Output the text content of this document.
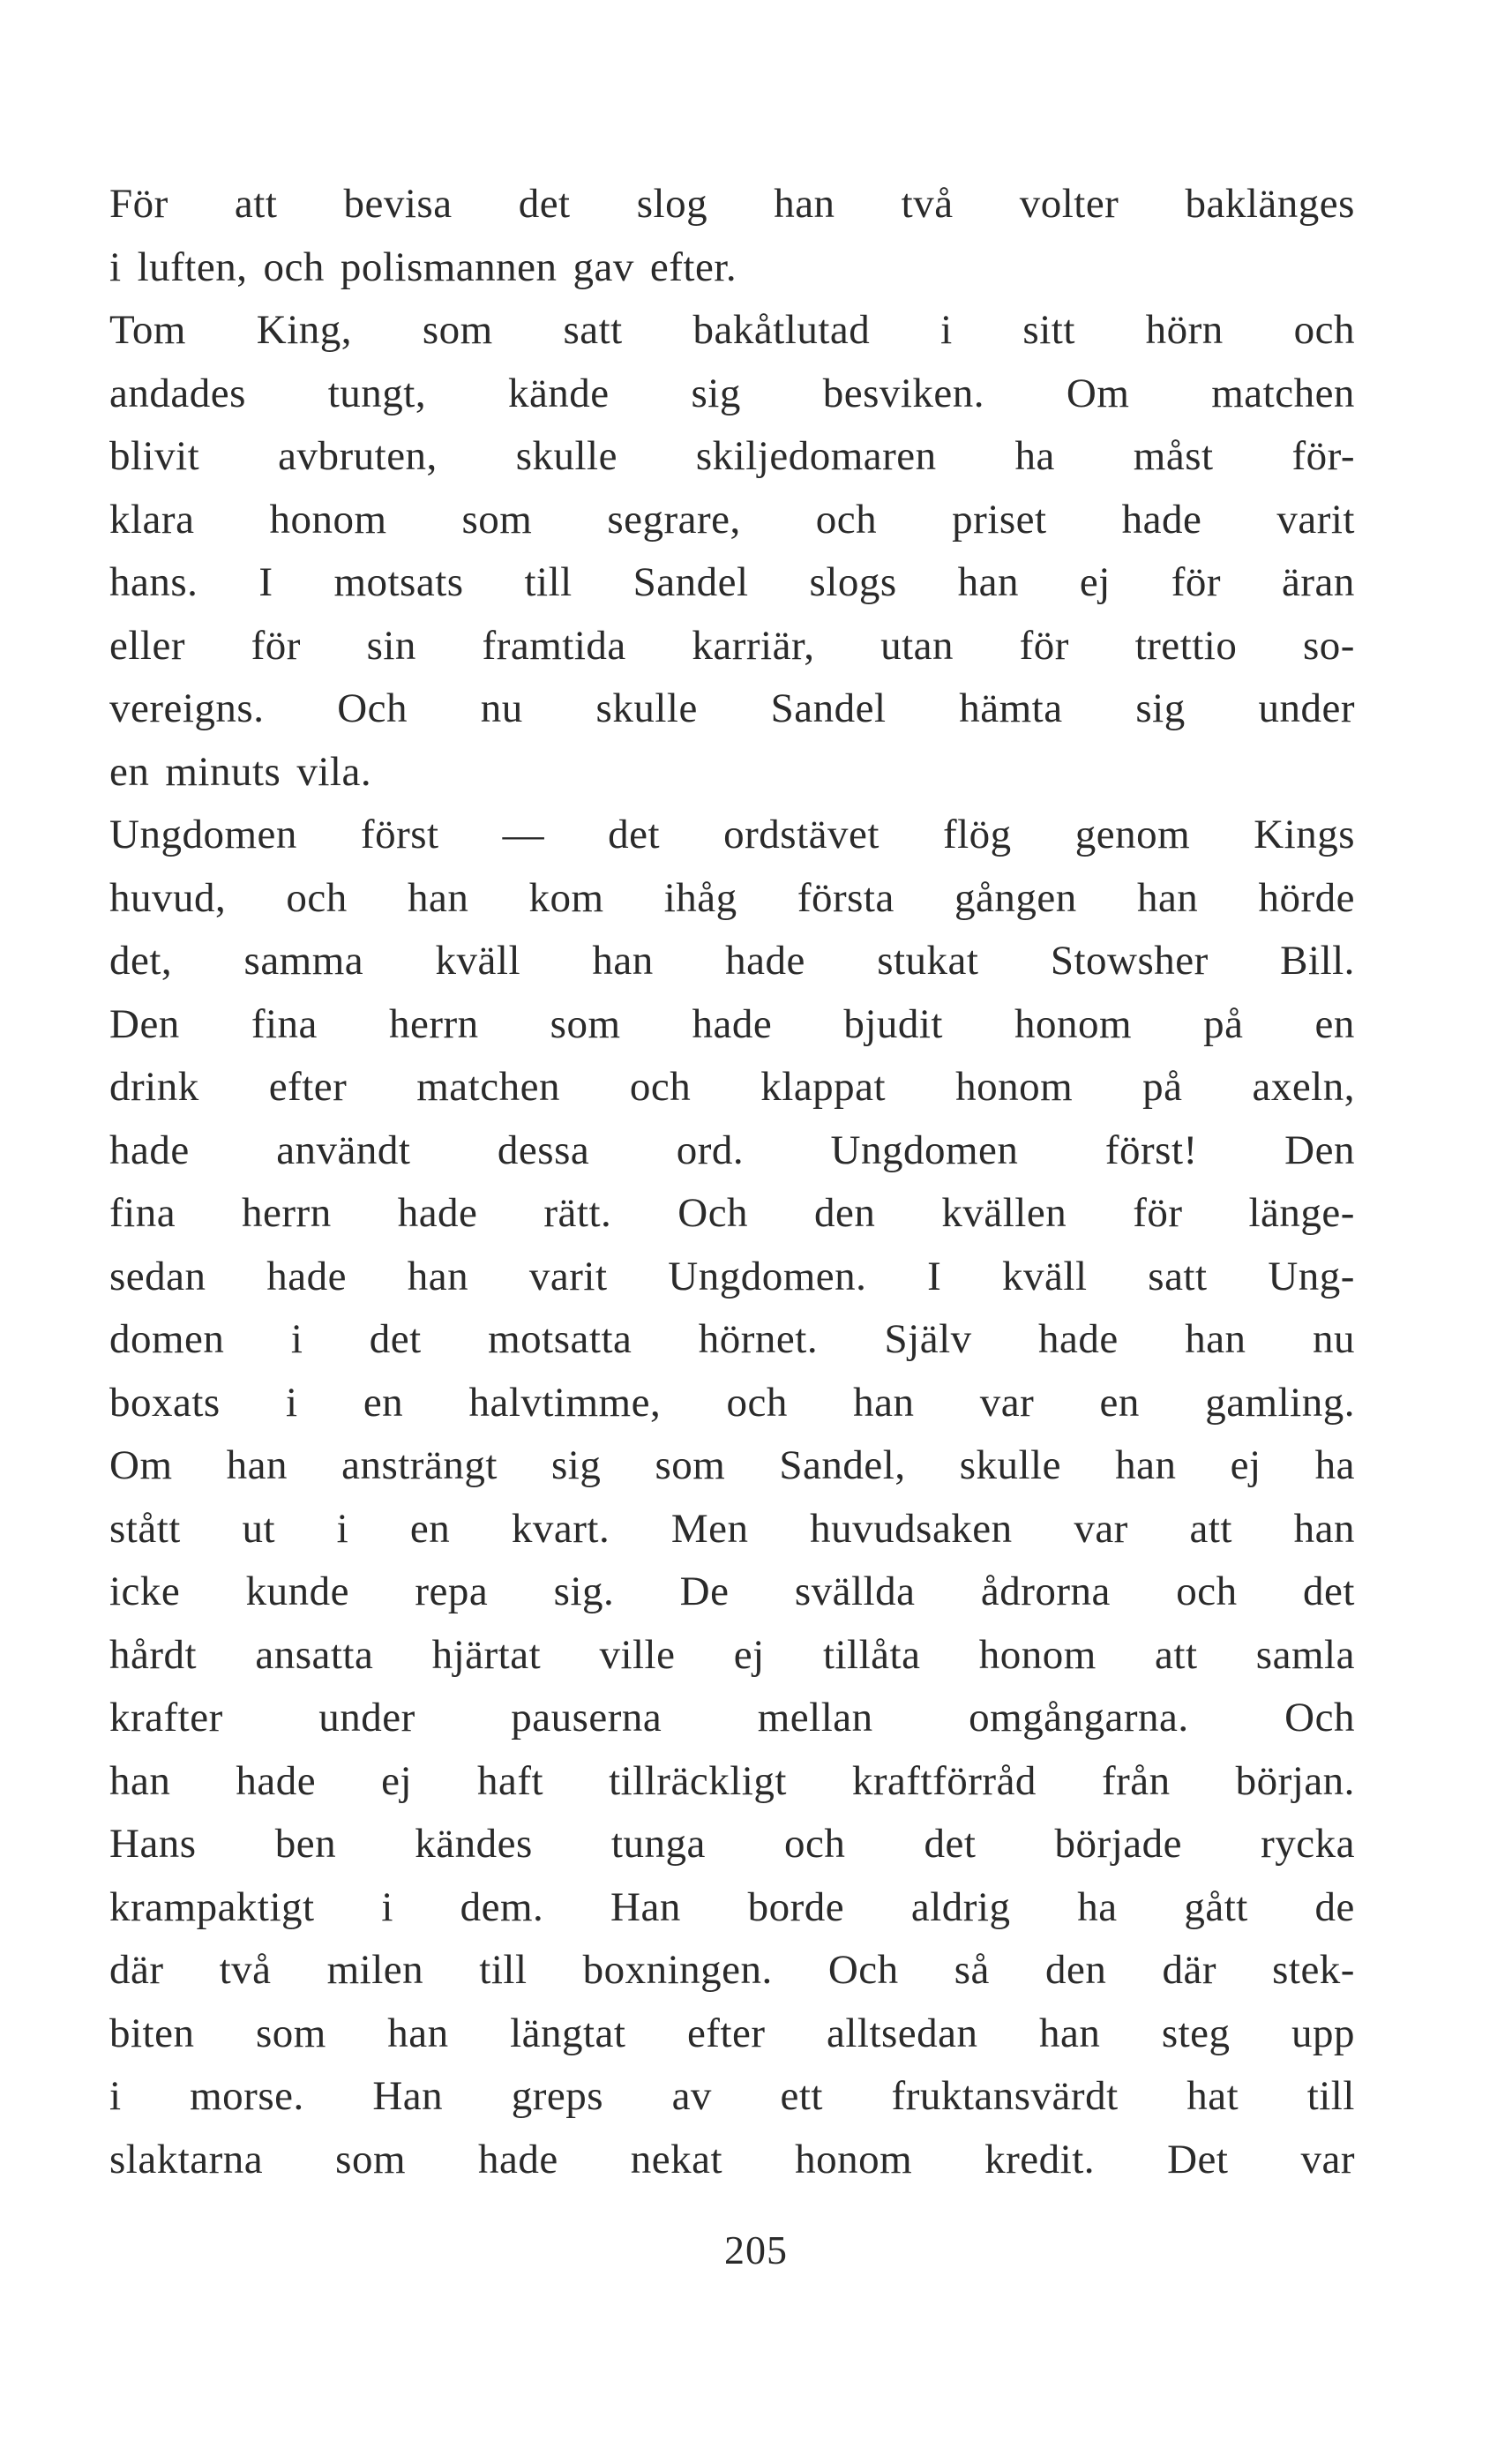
För att bevisa det slog han två volter baklänges
i luften, och polismannen gav efter.
Tom King, som satt bakåtlutad i sitt hörn och
andades tungt, kände sig besviken. Om matchen
blivit avbruten, skulle skiljedomaren ha måst för-
klara honom som segrare, och priset hade varit
hans. I motsats till Sandel slogs han ej för äran
eller för sin framtida karriär, utan för trettio so-
vereigns. Och nu skulle Sandel hämta sig under
en minuts vila.
Ungdomen först — det ordstävet flög genom Kings
huvud, och han kom ihåg första gången han hörde
det, samma kväll han hade stukat Stowsher Bill.
Den fina herrn som hade bjudit honom på en
drink efter matchen och klappat honom på axeln,
hade användt dessa ord. Ungdomen först! Den
fina herrn hade rätt. Och den kvällen för länge-
sedan hade han varit Ungdomen. I kväll satt Ung-
domen i det motsatta hörnet. Själv hade han nu
boxats i en halvtimme, och han var en gamling.
Om han ansträngt sig som Sandel, skulle han ej ha
stått ut i en kvart. Men huvudsaken var att han
icke kunde repa sig. De svällda ådrorna och det
hårdt ansatta hjärtat ville ej tillåta honom att samla
krafter under pauserna mellan omgångarna. Och
han hade ej haft tillräckligt kraftförråd från början.
Hans ben kändes tunga och det började rycka
krampaktigt i dem. Han borde aldrig ha gått de
där två milen till boxningen. Och så den där stek-
biten som han längtat efter alltsedan han steg upp
i morse. Han greps av ett fruktansvärdt hat till
slaktarna som hade nekat honom kredit. Det var
205
